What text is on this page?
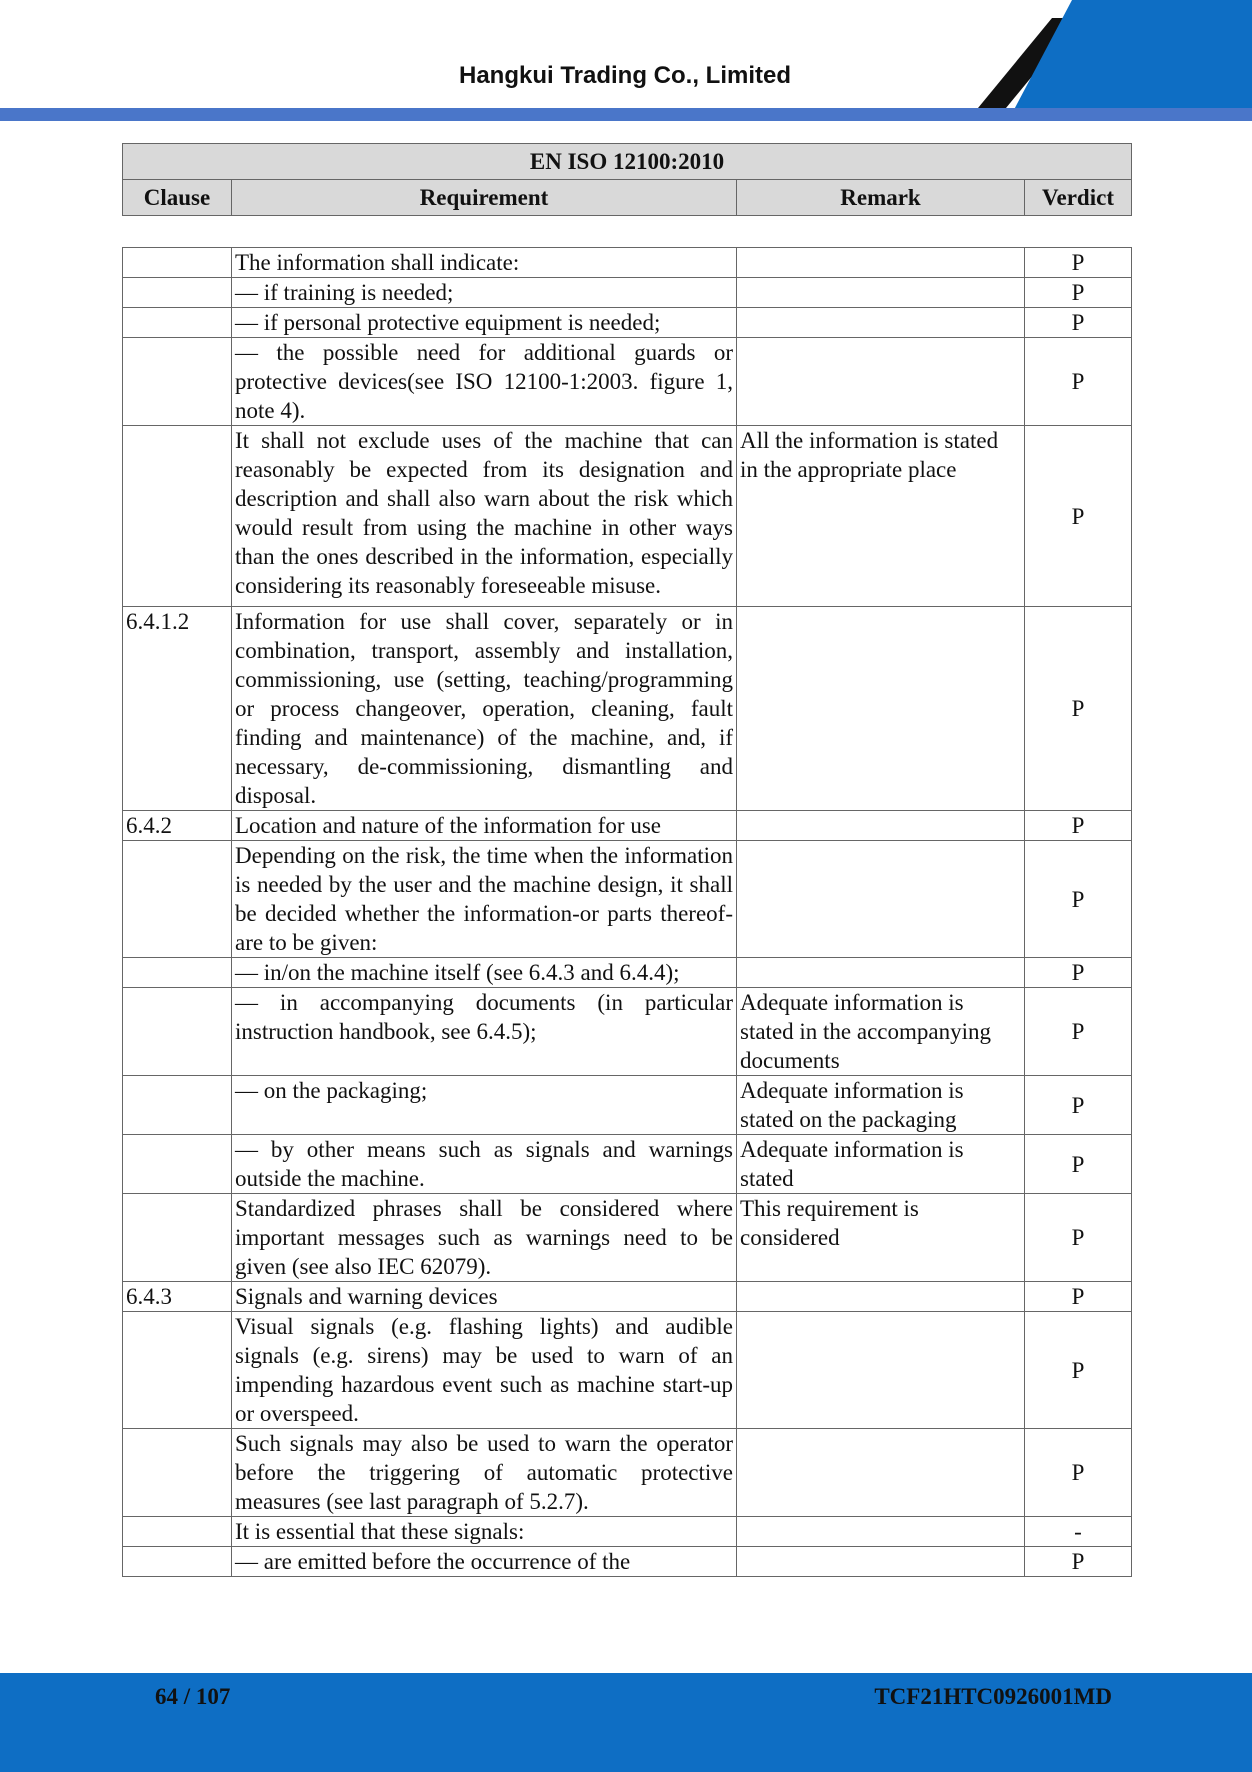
Hangkui Trading Co., Limited
EN ISO 12100:2010
Clause	Requirement	Remark	Verdict
	The information shall indicate:		P
	— if training is needed;		P
	— if personal protective equipment is needed;		P
	— the possible need for additional guards or protective devices(see ISO 12100-1:2003. figure 1, note 4).		P
	It shall not exclude uses of the machine that can reasonably be expected from its designation and description and shall also warn about the risk which would result from using the machine in other ways than the ones described in the information, especially considering its reasonably foreseeable misuse.	All the information is stated in the appropriate place	P
6.4.1.2	Information for use shall cover, separately or in combination, transport, assembly and installation, commissioning, use (setting, teaching/programming or process changeover, operation, cleaning, fault finding and maintenance) of the machine, and, if necessary, de-commissioning, dismantling and disposal.		P
6.4.2	Location and nature of the information for use		P
	Depending on the risk, the time when the information is needed by the user and the machine design, it shall be decided whether the information-or parts thereof-are to be given:		P
	— in/on the machine itself (see 6.4.3 and 6.4.4);		P
	— in accompanying documents (in particular instruction handbook, see 6.4.5);	Adequate information is stated in the accompanying documents	P
	— on the packaging;	Adequate information is stated on the packaging	P
	— by other means such as signals and warnings outside the machine.	Adequate information is stated	P
	Standardized phrases shall be considered where important messages such as warnings need to be given (see also IEC 62079).	This requirement is considered	P
6.4.3	Signals and warning devices		P
	Visual signals (e.g. flashing lights) and audible signals (e.g. sirens) may be used to warn of an impending hazardous event such as machine start-up or overspeed.		P
	Such signals may also be used to warn the operator before the triggering of automatic protective measures (see last paragraph of 5.2.7).		P
	It is essential that these signals:		-
	— are emitted before the occurrence of the		P
64 / 107	TCF21HTC0926001MD
